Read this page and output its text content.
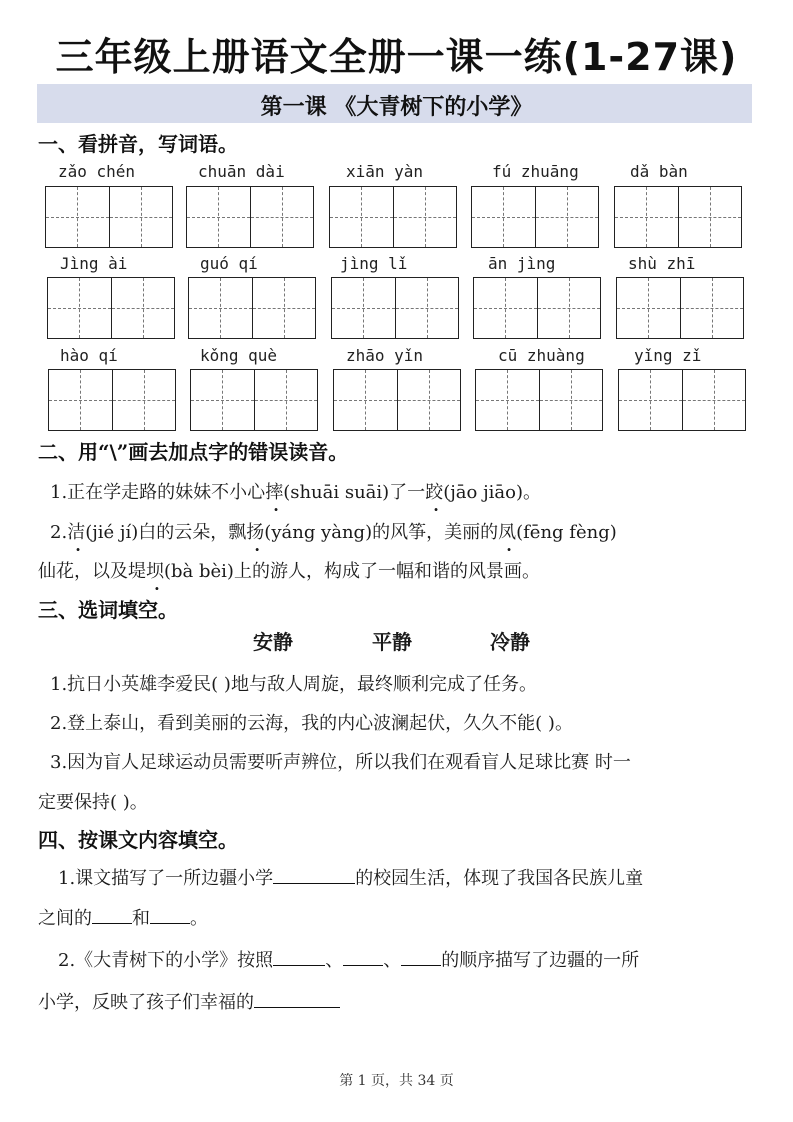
三年级上册语文全册一课一练(1-27课)
第一课 《大青树下的小学》
一、看拼音，写词语。
zǎo chén	chuān dài	xiān yàn	fú zhuāng	dǎ bàn
Jìng ài	guó qí	jìng lǐ	ān jìng	shù zhī
hào qí	kǒng què	zhāo yǐn	cū zhuàng	yǐng zǐ
二、用“\”画去加点字的错误读音。
1.正在学走路的妹妹不小心摔(shuāi suāi)了一跤(jāo jiāo)。
2.洁(jié jí)白的云朵，飘扬(yáng yàng)的风筝，美丽的凤(fēng fèng)
仙花，以及堤坝(bà bèi)上的游人，构成了一幅和谐的风景画。
三、选词填空。
安静	平静	冷静
1.抗日小英雄李爱民( )地与敌人周旋，最终顺利完成了任务。
2.登上泰山，看到美丽的云海，我的内心波澜起伏，久久不能( )。
3.因为盲人足球运动员需要听声辨位，所以我们在观看盲人足球比赛 时一
定要保持( )。
四、按课文内容填空。
1.课文描写了一所边疆小学	的校园生活，体现了我国各民族儿童
之间的 和 。
2.《大青树下的小学》按照	、 、 的顺序描写了边疆的一所
小学，反映了孩子们幸福的
第 1 页，共 34 页
